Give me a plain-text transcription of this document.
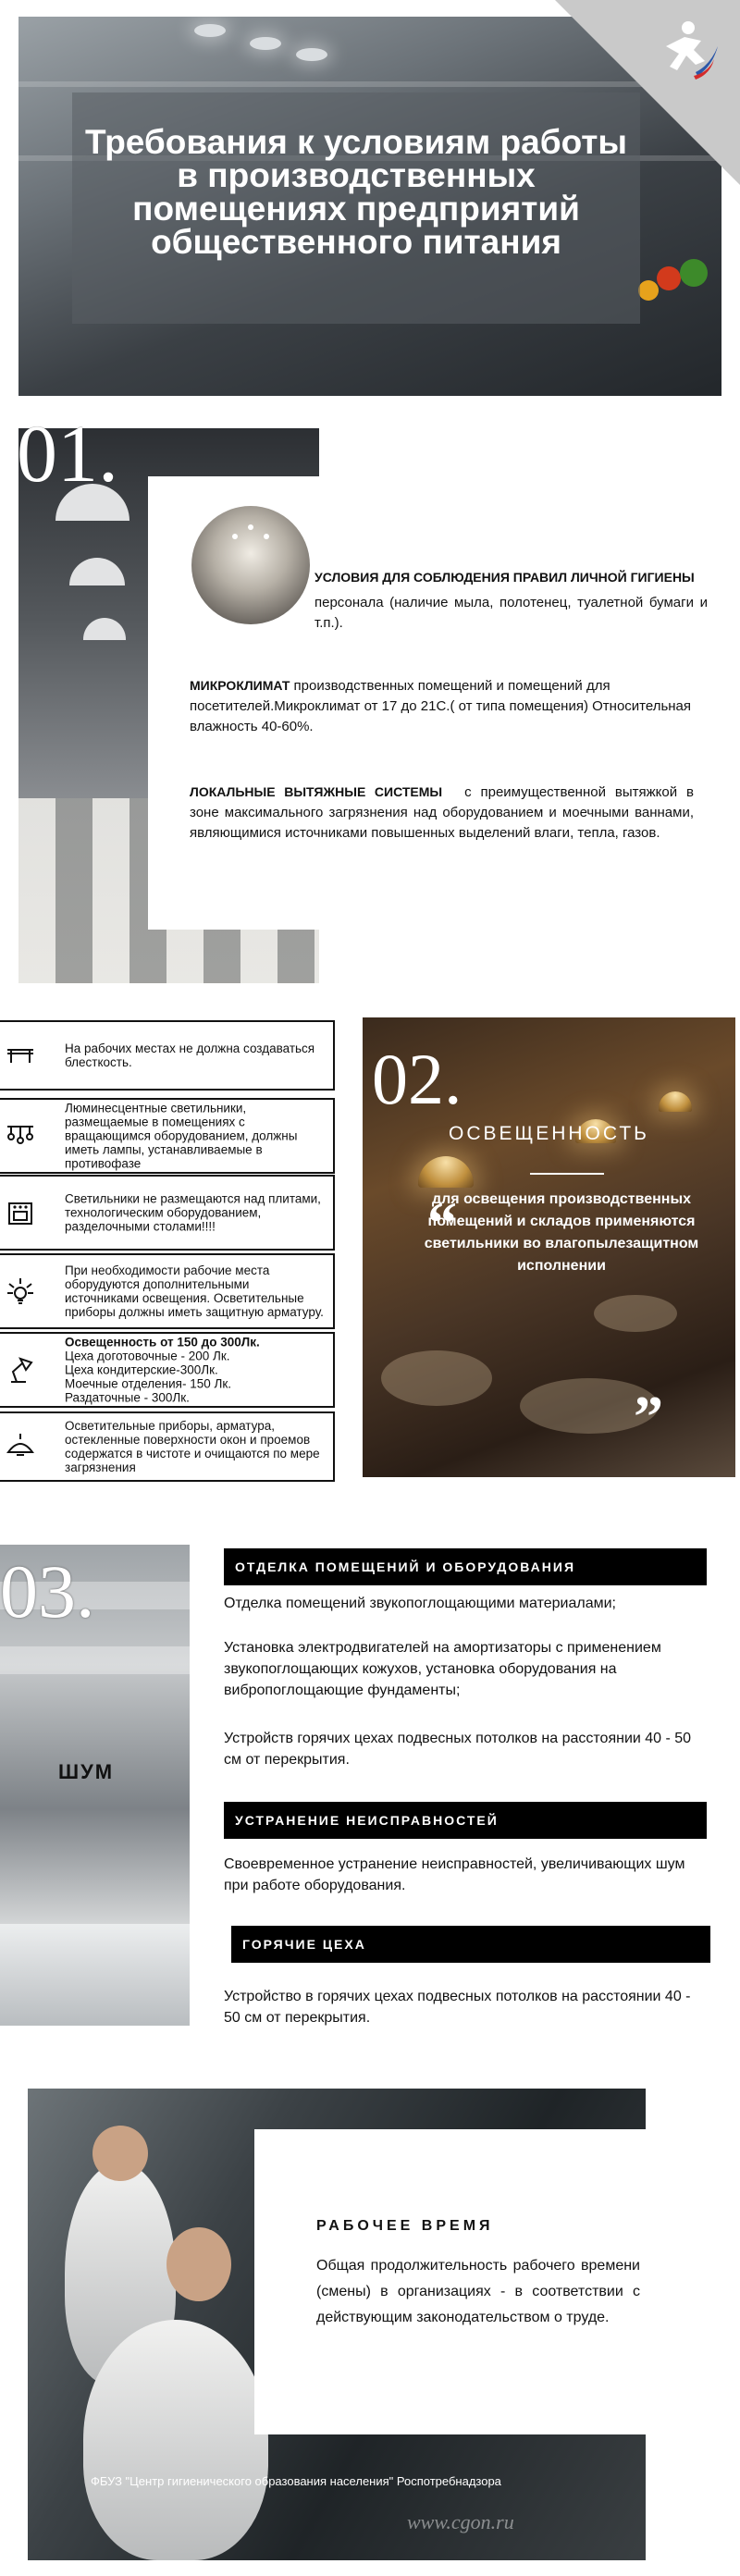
Требования к условиям работы в производственных помещениях предприятий общественного питания
01.
УСЛОВИЯ ДЛЯ СОБЛЮДЕНИЯ ПРАВИЛ ЛИЧНОЙ ГИГИЕНЫ
персонала (наличие мыла, полотенец, туалетной бумаги и т.п.).
МИКРОКЛИМАТ производственных помещений и помещений для посетителей.Микроклимат от 17 до 21С.( от типа помещения) Относительная влажность 40-60%.
ЛОКАЛЬНЫЕ ВЫТЯЖНЫЕ СИСТЕМЫ с преимущественной вытяжкой в зоне максимального загрязнения над оборудованием и моечными ваннами, являющимися источниками повышенных выделений влаги, тепла, газов.
На рабочих местах не должна создаваться блесткость.
Люминесцентные светильники, размещаемые в помещениях с вращающимся оборудованием, должны иметь лампы, устанавливаемые в противофазе
Светильники не размещаются над плитами, технологическим оборудованием, разделочными столами!!!!
При необходимости рабочие места оборудуются дополнительными источниками освещения. Осветительные приборы должны иметь защитную арматуру.
Освещенность от 150 до 300Лк.
Цеха доготовочные - 200 Лк.
Цеха кондитерские-300Лк.
Моечные отделения- 150 Лк.
Раздаточные - 300Лк.
Осветительные приборы, арматура, остекленные поверхности окон и проемов содержатся в чистоте и очищаются по мере загрязнения
02.
ОСВЕЩЕННОСТЬ
“
для освещения производственных помещений и складов применяются светильники во влагопылезащитном исполнении
”
03.
ШУМ
ОТДЕЛКА ПОМЕЩЕНИЙ И ОБОРУДОВАНИЯ
Отделка помещений звукопоглощающими материалами;
Установка электродвигателей на амортизаторы с применением звукопоглощающих кожухов, установка оборудования на вибропоглощающие фундаменты;
Устройств горячих цехах подвесных потолков на расстоянии 40 - 50 см от перекрытия.
УСТРАНЕНИЕ НЕИСПРАВНОСТЕЙ
Своевременное устранение неисправностей, увеличивающих шум при работе оборудования.
ГОРЯЧИЕ ЦЕХА
Устройство в горячих цехах подвесных потолков на расстоянии 40 - 50 см от перекрытия.
РАБОЧЕЕ ВРЕМЯ
Общая продолжительность рабочего времени (смены) в организациях - в соответствии с действующим законодательством о труде.
ФБУЗ "Центр гигиенического образования населения" Роспотребнадзора
www.cgon.ru
